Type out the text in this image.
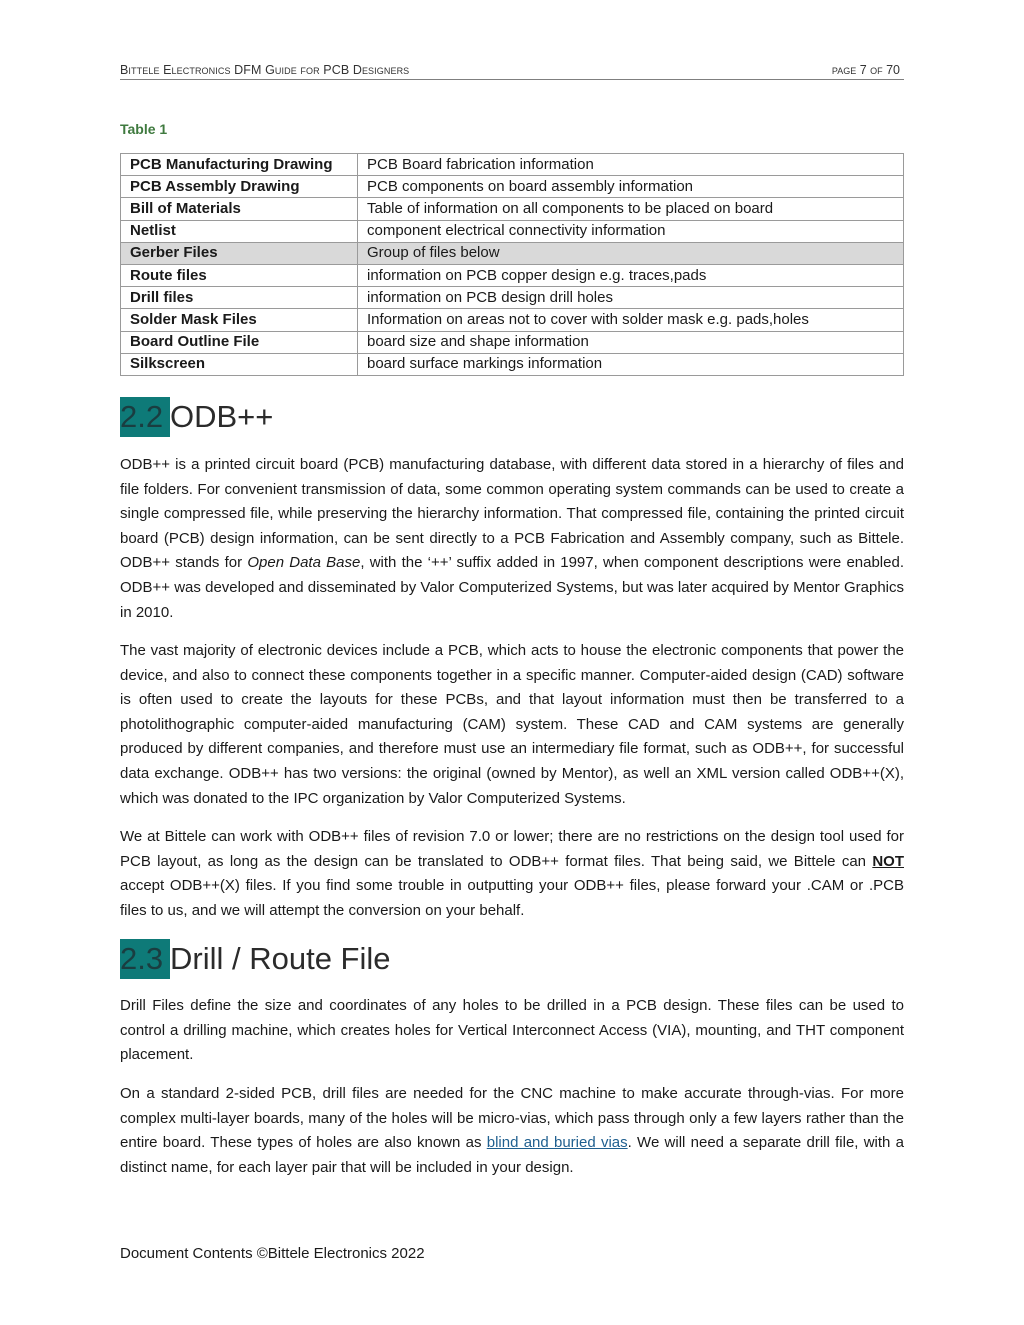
Bittele Electronics DFM Guide for PCB Designers	page 7 of 70
Table 1
PCB Manufacturing Drawing	PCB Board fabrication information
PCB Assembly Drawing	PCB components on board assembly information
Bill of Materials	Table of information on all components to be placed on board
Netlist	component electrical connectivity information
Gerber Files	Group of files below
Route files	information on PCB copper design e.g. traces,pads
Drill files	information on PCB design drill holes
Solder Mask Files	Information on areas not to cover with solder mask e.g. pads,holes
Board Outline File	board size and shape information
Silkscreen	board surface markings information
2.2 ODB++

ODB++ is a printed circuit board (PCB) manufacturing database, with different data stored in a hierarchy of files and file folders. For convenient transmission of data, some common operating system commands can be used to create a single compressed file, while preserving the hierarchy information. That compressed file, containing the printed circuit board (PCB) design information, can be sent directly to a PCB Fabrication and Assembly company, such as Bittele. ODB++ stands for Open Data Base, with the ‘++’ suffix added in 1997, when component descriptions were enabled. ODB++ was developed and disseminated by Valor Computerized Systems, but was later acquired by Mentor Graphics in 2010.

The vast majority of electronic devices include a PCB, which acts to house the electronic components that power the device, and also to connect these components together in a specific manner. Computer-aided design (CAD) software is often used to create the layouts for these PCBs, and that layout information must then be transferred to a photolithographic computer-aided manufacturing (CAM) system. These CAD and CAM systems are generally produced by different companies, and therefore must use an intermediary file format, such as ODB++, for successful data exchange. ODB++ has two versions: the original (owned by Mentor), as well an XML version called ODB++(X), which was donated to the IPC organization by Valor Computerized Systems.

We at Bittele can work with ODB++ files of revision 7.0 or lower; there are no restrictions on the design tool used for PCB layout, as long as the design can be translated to ODB++ format files. That being said, we Bittele can NOT accept ODB++(X) files. If you find some trouble in outputting your ODB++ files, please forward your .CAM or .PCB files to us, and we will attempt the conversion on your behalf.

2.3 Drill / Route File

Drill Files define the size and coordinates of any holes to be drilled in a PCB design. These files can be used to control a drilling machine, which creates holes for Vertical Interconnect Access (VIA), mounting, and THT component placement.

On a standard 2-sided PCB, drill files are needed for the CNC machine to make accurate through-vias. For more complex multi-layer boards, many of the holes will be micro-vias, which pass through only a few layers rather than the entire board. These types of holes are also known as blind and buried vias. We will need a separate drill file, with a distinct name, for each layer pair that will be included in your design.

Document Contents ©Bittele Electronics 2022
